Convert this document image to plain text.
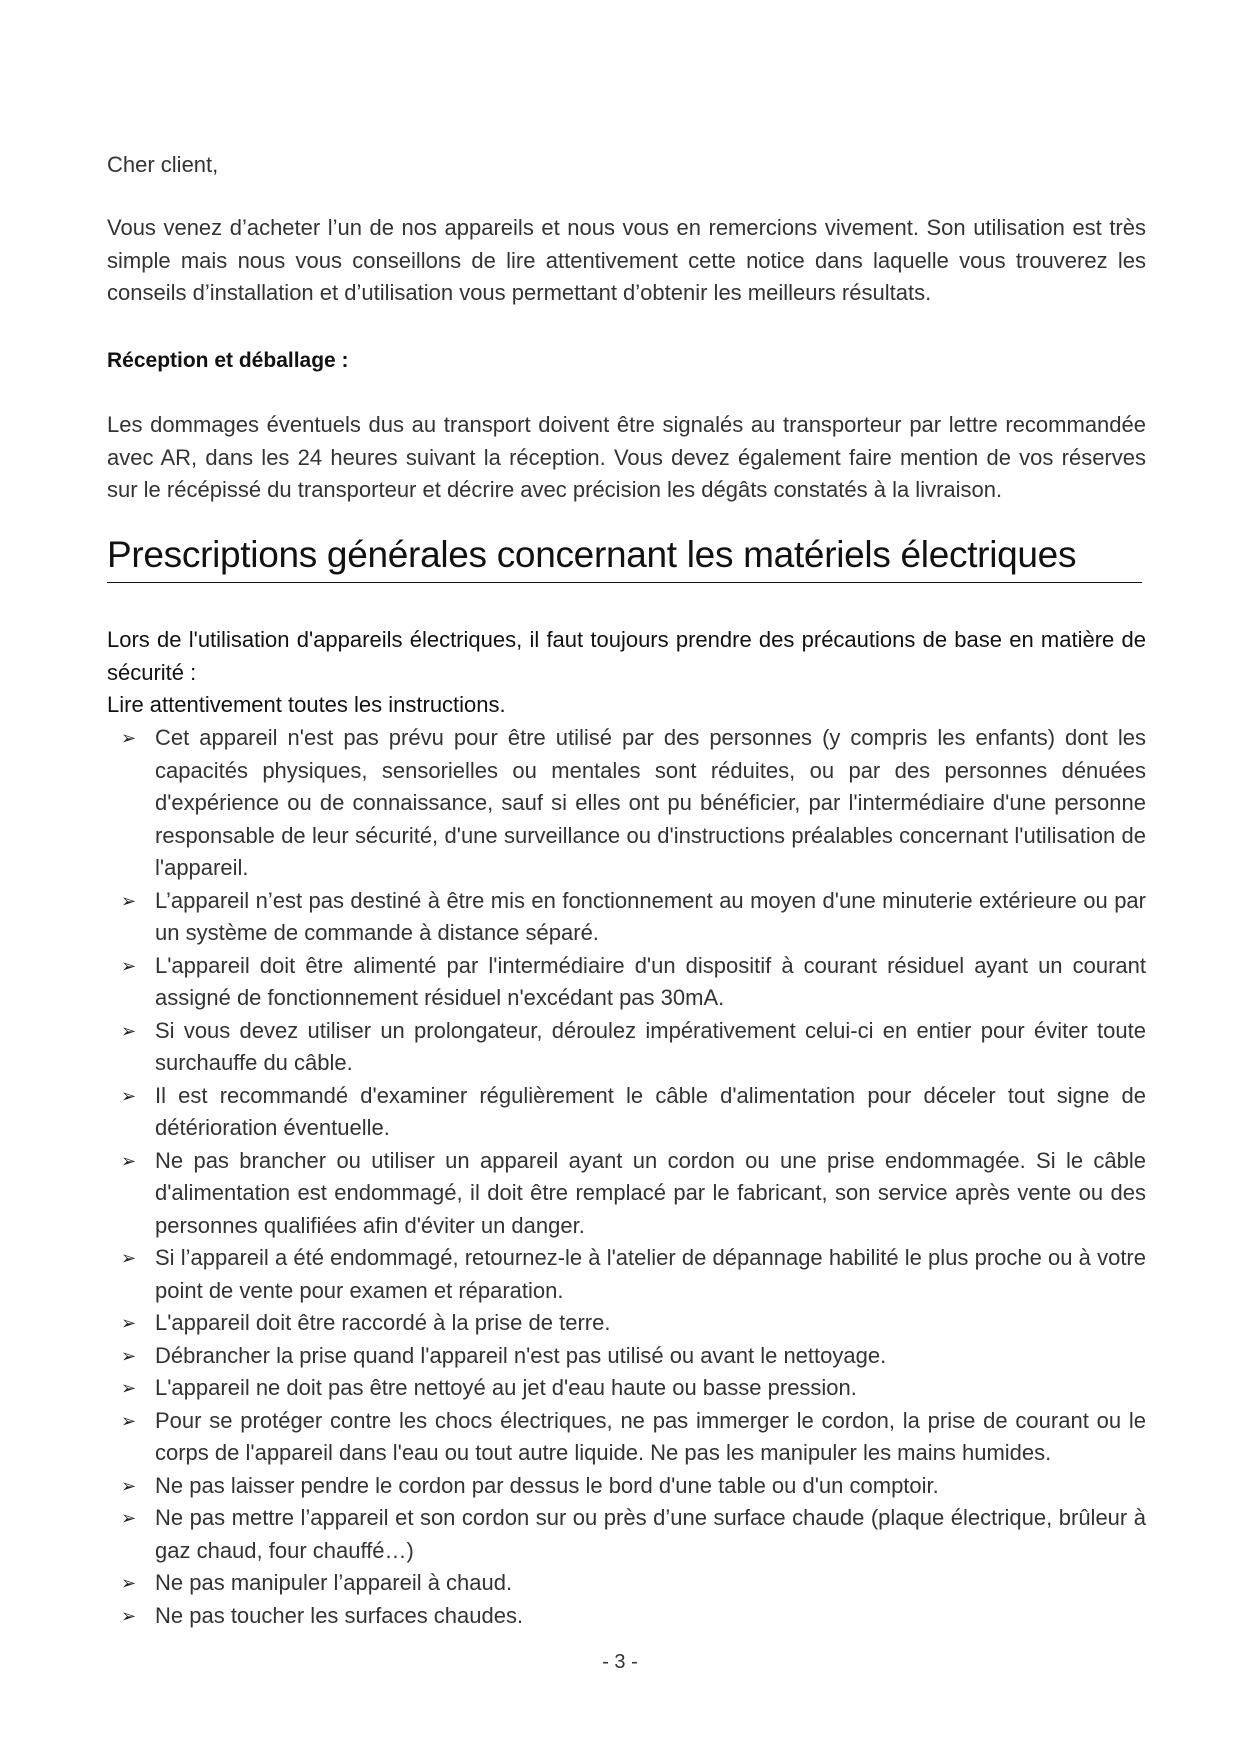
Cher client,
Vous venez d’acheter l’un de nos appareils et nous vous en remercions vivement. Son utilisation est très simple mais nous vous conseillons de lire attentivement cette notice dans laquelle vous trouverez les conseils d’installation et d’utilisation vous permettant d’obtenir les meilleurs résultats.
Réception et déballage :
Les dommages éventuels dus au transport doivent être signalés au transporteur par lettre recommandée avec AR, dans les 24 heures suivant la réception. Vous devez également faire mention de vos réserves sur le récépissé du transporteur et décrire avec précision les dégâts constatés à la livraison.
Prescriptions générales concernant les matériels électriques
Lors de l'utilisation d'appareils électriques, il faut toujours prendre des précautions de base en matière de sécurité :
Lire attentivement toutes les instructions.
➢ Cet appareil n'est pas prévu pour être utilisé par des personnes (y compris les enfants) dont les capacités physiques, sensorielles ou mentales sont réduites, ou par des personnes dénuées d'expérience ou de connaissance, sauf si elles ont pu bénéficier, par l'intermédiaire d'une personne responsable de leur sécurité, d'une surveillance ou d'instructions préalables concernant l'utilisation de l'appareil.
➢ L’appareil n’est pas destiné à être mis en fonctionnement au moyen d'une minuterie extérieure ou par un système de commande à distance séparé.
➢ L'appareil doit être alimenté par l'intermédiaire d'un dispositif à courant résiduel ayant un courant assigné de fonctionnement résiduel n'excédant pas 30mA.
➢ Si vous devez utiliser un prolongateur, déroulez impérativement celui-ci en entier pour éviter toute surchauffe du câble.
➢ Il est recommandé d'examiner régulièrement le câble d'alimentation pour déceler tout signe de détérioration éventuelle.
➢ Ne pas brancher ou utiliser un appareil ayant un cordon ou une prise endommagée. Si le câble d'alimentation est endommagé, il doit être remplacé par le fabricant, son service après vente ou des personnes qualifiées afin d'éviter un danger.
➢ Si l’appareil a été endommagé, retournez-le à l'atelier de dépannage habilité le plus proche ou à votre point de vente pour examen et réparation.
➢ L'appareil doit être raccordé à la prise de terre.
➢ Débrancher la prise quand l'appareil n'est pas utilisé ou avant le nettoyage.
➢ L'appareil ne doit pas être nettoyé au jet d'eau haute ou basse pression.
➢ Pour se protéger contre les chocs électriques, ne pas immerger le cordon, la prise de courant ou le corps de l'appareil dans l'eau ou tout autre liquide. Ne pas les manipuler les mains humides.
➢ Ne pas laisser pendre le cordon par dessus le bord d'une table ou d'un comptoir.
➢ Ne pas mettre l’appareil et son cordon sur ou près d’une surface chaude (plaque électrique, brûleur à gaz chaud, four chauffé…)
➢ Ne pas manipuler l’appareil à chaud.
➢ Ne pas toucher les surfaces chaudes.
- 3 -
